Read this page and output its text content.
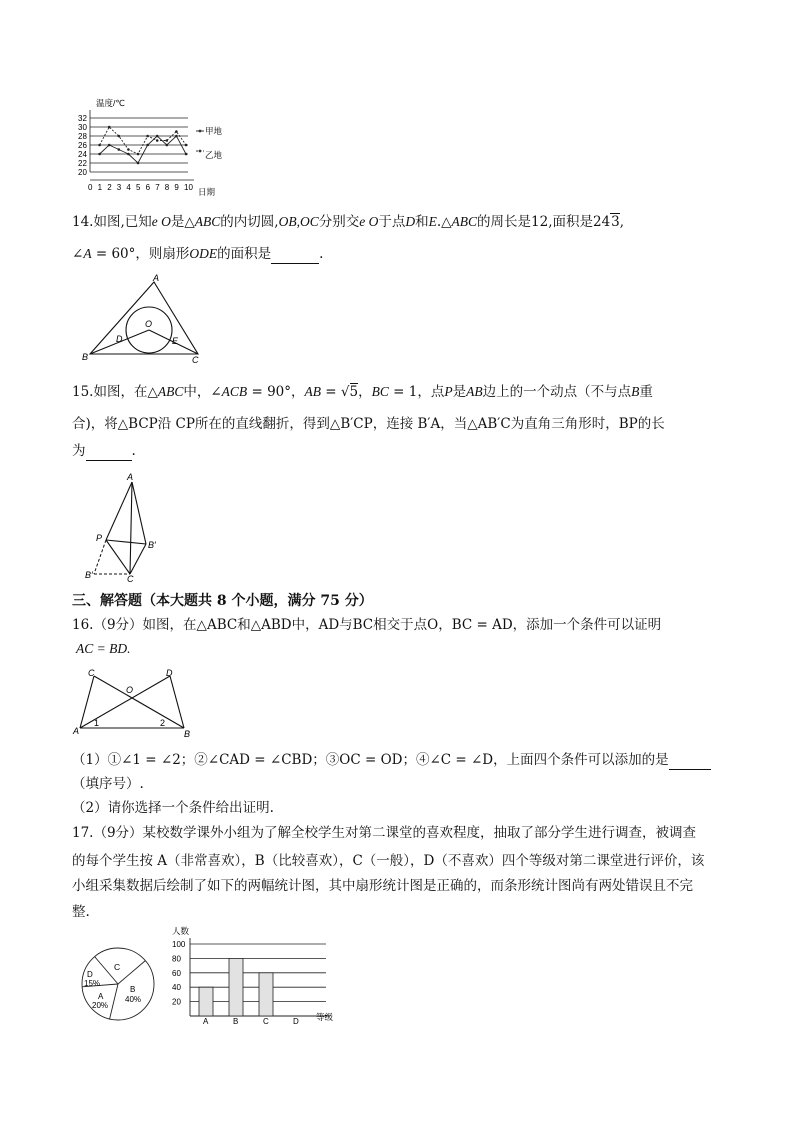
温度/℃
32
30
28
26
24
22
20
0 1 2 3 4 5 6 7 8 9 10
甲地
乙地
日期
14.如图,已知e O是△ABC的内切圆,OB,OC分别交e O于点D和E.△ABC的周长是12,面积是243,
∠A = 60°，则扇形ODE的面积是	.
A
B	C
O
D	E
15.如图，在△ABC中，∠ACB = 90°，AB = √5，BC = 1，点P是AB边上的一个动点（不与点B重
合)，将△BCP沿 CP所在的直线翻折，得到△B′CP，连接 B′A，当△AB′C为直角三角形时，BP的长
为	.
A
P
B′
B′	C
三、解答题（本大题共 8 个小题，满分 75 分）
16.（9分）如图，在△ABC和△ABD中，AD与BC相交于点O，BC = AD，添加一个条件可以证明
AC = BD.
C
O
D
A	B
1	2
（1）①∠1 = ∠2；②∠CAD = ∠CBD；③OC = OD；④∠C = ∠D，上面四个条件可以添加的是
（填序号）.
（2）请你选择一个条件给出证明.
17.（9分）某校数学课外小组为了解全校学生对第二课堂的喜欢程度，抽取了部分学生进行调查，被调查
的每个学生按 A（非常喜欢），B（比较喜欢），C（一般），D（不喜欢）四个等级对第二课堂进行评价，该
小组采集数据后绘制了如下的两幅统计图，其中扇形统计图是正确的，而条形统计图尚有两处错误且不完
整.
C
D
15%
A
20%
B
40%
人数
100
80
60
40
20
A	B	C	D 等级
